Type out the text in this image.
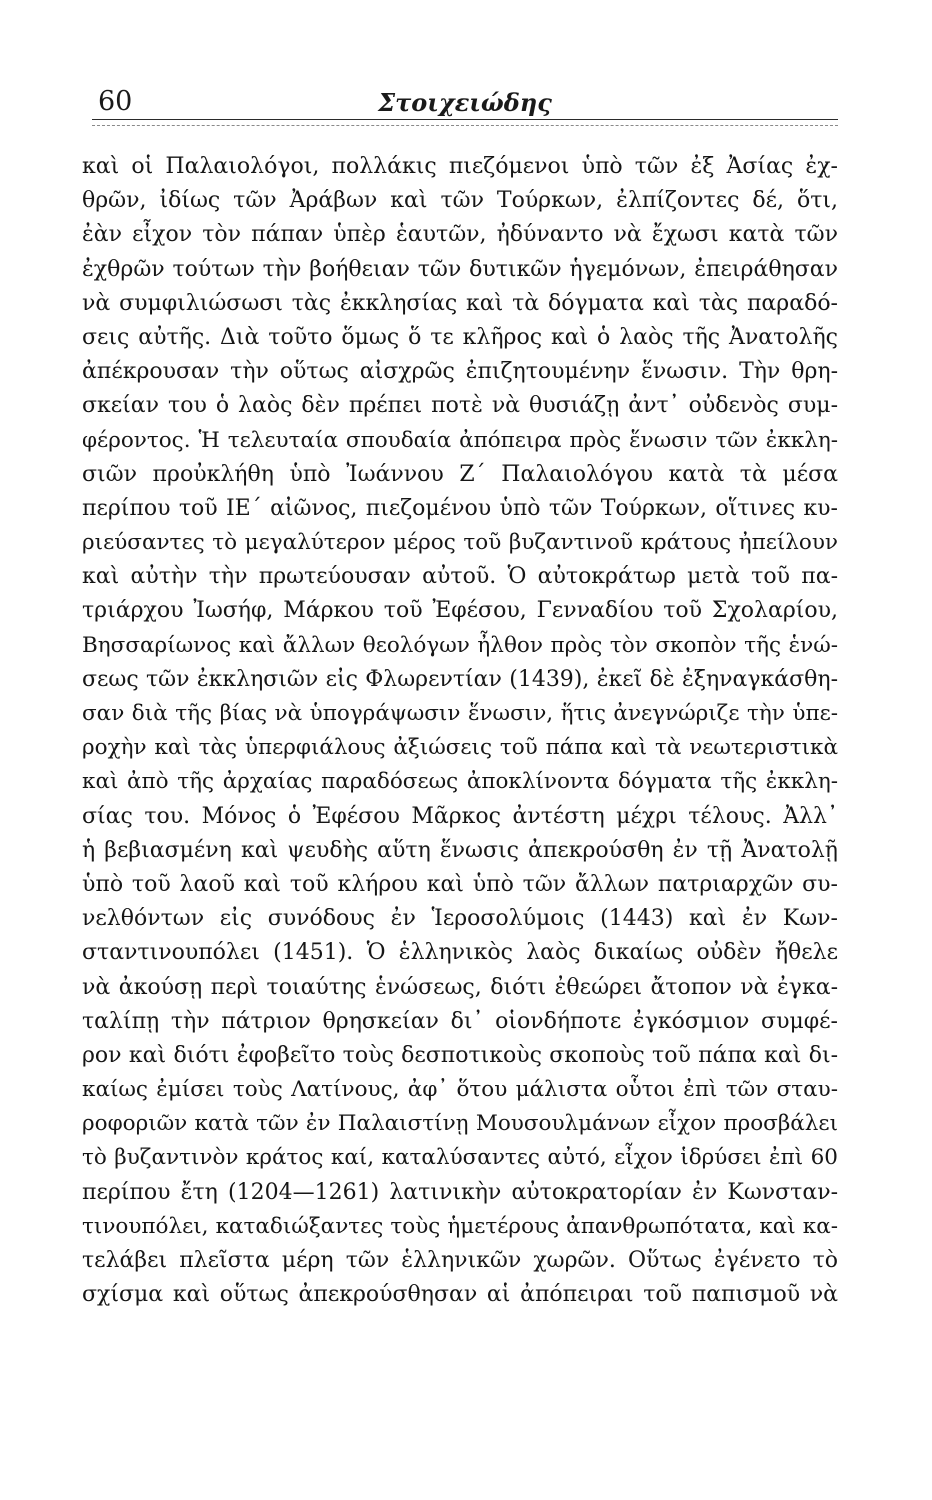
60	Στοιχειώδης
καὶ οἱ Παλαιολόγοι, πολλάκις πιεζόμενοι ὑπὸ τῶν ἐξ Ἀσίας ἐχ-
θρῶν, ἰδίως τῶν Ἀράβων καὶ τῶν Τούρκων, ἐλπίζοντες δέ, ὅτι,
ἐὰν εἶχον τὸν πάπαν ὑπὲρ ἑαυτῶν, ἠδύναντο νὰ ἔχωσι κατὰ τῶν
ἐχθρῶν τούτων τὴν βοήθειαν τῶν δυτικῶν ἡγεμόνων, ἐπειράθησαν
νὰ συμφιλιώσωσι τὰς ἐκκλησίας καὶ τὰ δόγματα καὶ τὰς παραδό-
σεις αὐτῆς. Διὰ τοῦτο ὅμως ὅ τε κλῆρος καὶ ὁ λαὸς τῆς Ἀνατολῆς
ἀπέκρουσαν τὴν οὕτως αἰσχρῶς ἐπιζητουμένην ἕνωσιν. Τὴν θρη-
σκείαν του ὁ λαὸς δὲν πρέπει ποτὲ νὰ θυσιάζῃ ἀντ᾿ οὐδενὸς συμ-
φέροντος. Ἡ τελευταία σπουδαία ἀπόπειρα πρὸς ἕνωσιν τῶν ἐκκλη-
σιῶν προὐκλήθη ὑπὸ Ἰωάννου Ζ΄ Παλαιολόγου κατὰ τὰ μέσα
περίπου τοῦ ΙΕ΄ αἰῶνος, πιεζομένου ὑπὸ τῶν Τούρκων, οἵτινες κυ-
ριεύσαντες τὸ μεγαλύτερον μέρος τοῦ βυζαντινοῦ κράτους ἠπείλουν
καὶ αὐτὴν τὴν πρωτεύουσαν αὐτοῦ. Ὁ αὐτοκράτωρ μετὰ τοῦ πα-
τριάρχου Ἰωσήφ, Μάρκου τοῦ Ἐφέσου, Γενναδίου τοῦ Σχολαρίου,
Βησσαρίωνος καὶ ἄλλων θεολόγων ἦλθον πρὸς τὸν σκοπὸν τῆς ἑνώ-
σεως τῶν ἐκκλησιῶν εἰς Φλωρεντίαν (1439), ἐκεῖ δὲ ἐξηναγκάσθη-
σαν διὰ τῆς βίας νὰ ὑπογράψωσιν ἕνωσιν, ἥτις ἀνεγνώριζε τὴν ὑπε-
ροχὴν καὶ τὰς ὑπερφιάλους ἀξιώσεις τοῦ πάπα καὶ τὰ νεωτεριστικὰ
καὶ ἀπὸ τῆς ἀρχαίας παραδόσεως ἀποκλίνοντα δόγματα τῆς ἐκκλη-
σίας του. Μόνος ὁ Ἐφέσου Μᾶρκος ἀντέστη μέχρι τέλους. Ἀλλ᾿
ἡ βεβιασμένη καὶ ψευδὴς αὕτη ἕνωσις ἀπεκρούσθη ἐν τῇ Ἀνατολῇ
ὑπὸ τοῦ λαοῦ καὶ τοῦ κλήρου καὶ ὑπὸ τῶν ἄλλων πατριαρχῶν συ-
νελθόντων εἰς συνόδους ἐν Ἱεροσολύμοις (1443) καὶ ἐν Κων-
σταντινουπόλει (1451). Ὁ ἑλληνικὸς λαὸς δικαίως οὐδὲν ἤθελε
νὰ ἀκούσῃ περὶ τοιαύτης ἑνώσεως, διότι ἐθεώρει ἄτοπον νὰ ἐγκα-
ταλίπῃ τὴν πάτριον θρησκείαν δι᾿ οἱονδήποτε ἐγκόσμιον συμφέ-
ρον καὶ διότι ἐφοβεῖτο τοὺς δεσποτικοὺς σκοποὺς τοῦ πάπα καὶ δι-
καίως ἐμίσει τοὺς Λατίνους, ἀφ᾿ ὅτου μάλιστα οὗτοι ἐπὶ τῶν σταυ-
ροφοριῶν κατὰ τῶν ἐν Παλαιστίνῃ Μουσουλμάνων εἶχον προσβάλει
τὸ βυζαντινὸν κράτος καί, καταλύσαντες αὐτό, εἶχον ἱδρύσει ἐπὶ 60
περίπου ἔτη (1204—1261) λατινικὴν αὐτοκρατορίαν ἐν Κωνσταν-
τινουπόλει, καταδιώξαντες τοὺς ἡμετέρους ἀπανθρωπότατα, καὶ κα-
τελάβει πλεῖστα μέρη τῶν ἑλληνικῶν χωρῶν. Οὕτως ἐγένετο τὸ
σχίσμα καὶ οὕτως ἀπεκρούσθησαν αἱ ἀπόπειραι τοῦ παπισμοῦ νὰ
